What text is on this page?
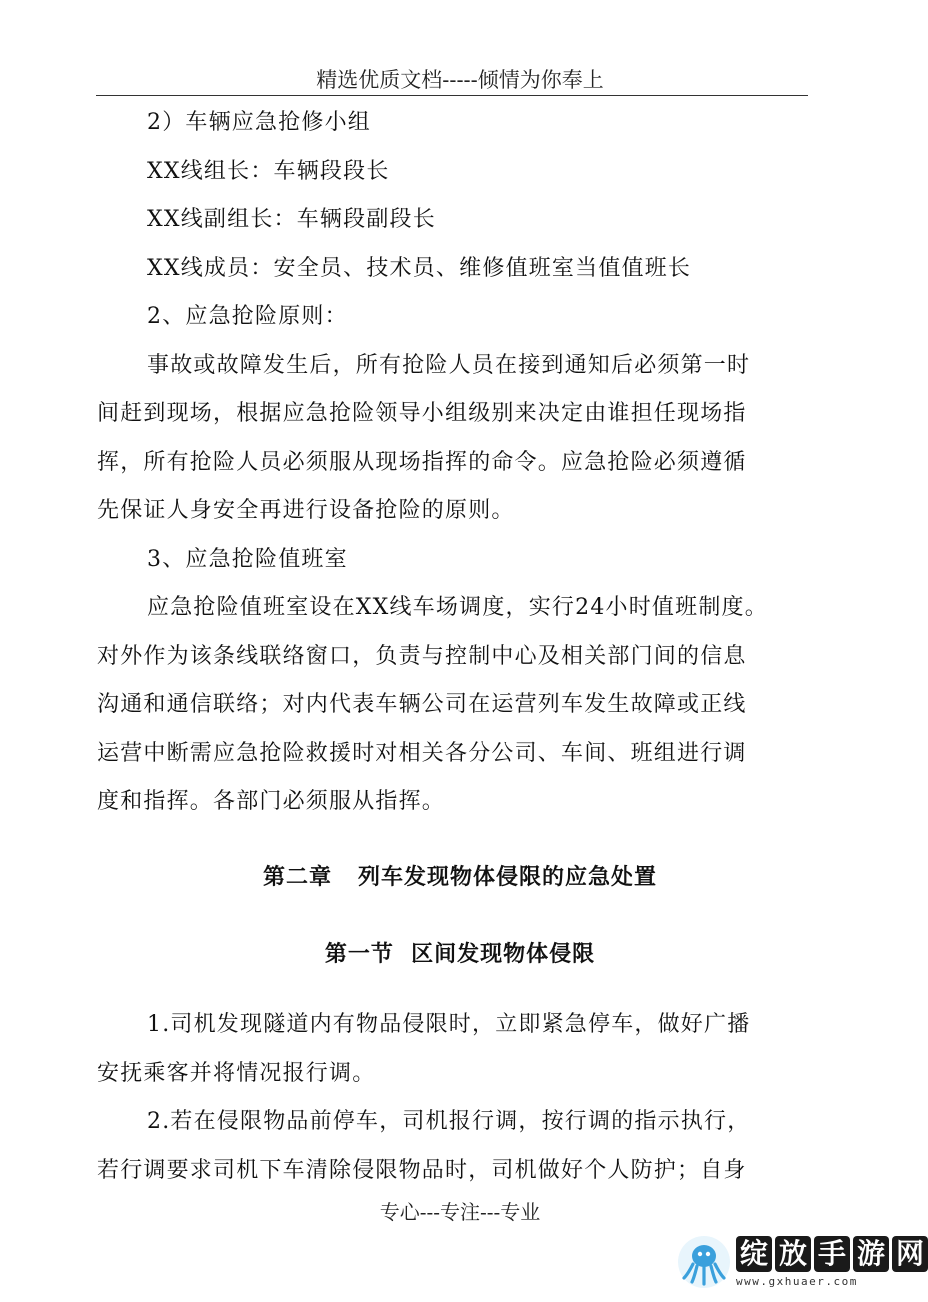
精选优质文档-----倾情为你奉上

2）车辆应急抢修小组

XX线组长：车辆段段长

XX线副组长：车辆段副段长

XX线成员：安全员、技术员、维修值班室当值值班长

2、应急抢险原则：

事故或故障发生后，所有抢险人员在接到通知后必须第一时

间赶到现场，根据应急抢险领导小组级别来决定由谁担任现场指

挥，所有抢险人员必须服从现场指挥的命令。应急抢险必须遵循

先保证人身安全再进行设备抢险的原则。

3、应急抢险值班室

应急抢险值班室设在XX线车场调度，实行24小时值班制度。

对外作为该条线联络窗口，负责与控制中心及相关部门间的信息

沟通和通信联络；对内代表车辆公司在运营列车发生故障或正线

运营中断需应急抢险救援时对相关各分公司、车间、班组进行调

度和指挥。各部门必须服从指挥。

第二章   列车发现物体侵限的应急处置
第一节  区间发现物体侵限

1.司机发现隧道内有物品侵限时，立即紧急停车，做好广播

安抚乘客并将情况报行调。

2.若在侵限物品前停车，司机报行调，按行调的指示执行，

若行调要求司机下车清除侵限物品时，司机做好个人防护；自身

专心---专注---专业
绽 放 手 游 网
www.gxhuaer.com
